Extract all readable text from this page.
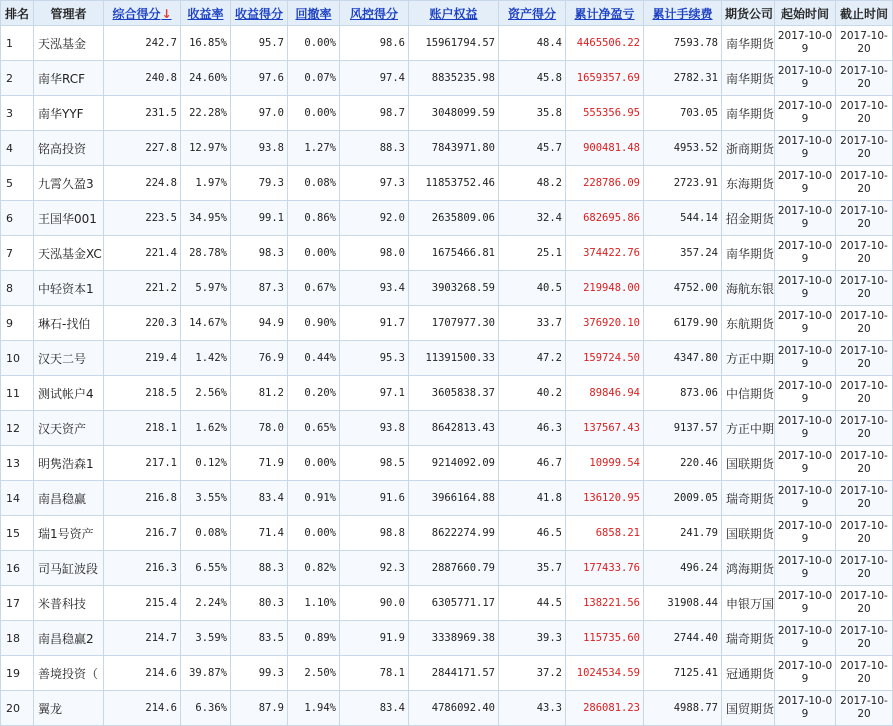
排名	管理者	综合得分↓	收益率	收益得分	回撤率	风控得分	账户权益	资产得分	累计净盈亏	累计手续费	期货公司	起始时间	截止时间
1	天泓基金	242.7	16.85%	95.7	0.00%	98.6	15961794.57	48.4	4465506.22	7593.78	南华期货	2017-10-09	2017-10-20
2	南华RCF	240.8	24.60%	97.6	0.07%	97.4	8835235.98	45.8	1659357.69	2782.31	南华期货	2017-10-09	2017-10-20
3	南华YYF	231.5	22.28%	97.0	0.00%	98.7	3048099.59	35.8	555356.95	703.05	南华期货	2017-10-09	2017-10-20
4	铭高投资	227.8	12.97%	93.8	1.27%	88.3	7843971.80	45.7	900481.48	4953.52	浙商期货	2017-10-09	2017-10-20
5	九霄久盈3	224.8	1.97%	79.3	0.08%	97.3	11853752.46	48.2	228786.09	2723.91	东海期货	2017-10-09	2017-10-20
6	王国华001	223.5	34.95%	99.1	0.86%	92.0	2635809.06	32.4	682695.86	544.14	招金期货	2017-10-09	2017-10-20
7	天泓基金XC	221.4	28.78%	98.3	0.00%	98.0	1675466.81	25.1	374422.76	357.24	南华期货	2017-10-09	2017-10-20
8	中轻资本1	221.2	5.97%	87.3	0.67%	93.4	3903268.59	40.5	219948.00	4752.00	海航东银	2017-10-09	2017-10-20
9	琳石-找伯	220.3	14.67%	94.9	0.90%	91.7	1707977.30	33.7	376920.10	6179.90	东航期货	2017-10-09	2017-10-20
10	汉天二号	219.4	1.42%	76.9	0.44%	95.3	11391500.33	47.2	159724.50	4347.80	方正中期	2017-10-09	2017-10-20
11	测试帐户4	218.5	2.56%	81.2	0.20%	97.1	3605838.37	40.2	89846.94	873.06	中信期货	2017-10-09	2017-10-20
12	汉天资产	218.1	1.62%	78.0	0.65%	93.8	8642813.43	46.3	137567.43	9137.57	方正中期	2017-10-09	2017-10-20
13	明隽浩森1	217.1	0.12%	71.9	0.00%	98.5	9214092.09	46.7	10999.54	220.46	国联期货	2017-10-09	2017-10-20
14	南昌稳赢	216.8	3.55%	83.4	0.91%	91.6	3966164.88	41.8	136120.95	2009.05	瑞奇期货	2017-10-09	2017-10-20
15	瑞1号资产	216.7	0.08%	71.4	0.00%	98.8	8622274.99	46.5	6858.21	241.79	国联期货	2017-10-09	2017-10-20
16	司马缸波段	216.3	6.55%	88.3	0.82%	92.3	2887660.79	35.7	177433.76	496.24	鸿海期货	2017-10-09	2017-10-20
17	米普科技	215.4	2.24%	80.3	1.10%	90.0	6305771.17	44.5	138221.56	31908.44	申银万国	2017-10-09	2017-10-20
18	南昌稳赢2	214.7	3.59%	83.5	0.89%	91.9	3338969.38	39.3	115735.60	2744.40	瑞奇期货	2017-10-09	2017-10-20
19	善境投资（	214.6	39.87%	99.3	2.50%	78.1	2844171.57	37.2	1024534.59	7125.41	冠通期货	2017-10-09	2017-10-20
20	翼龙	214.6	6.36%	87.9	1.94%	83.4	4786092.40	43.3	286081.23	4988.77	国贸期货	2017-10-09	2017-10-20
